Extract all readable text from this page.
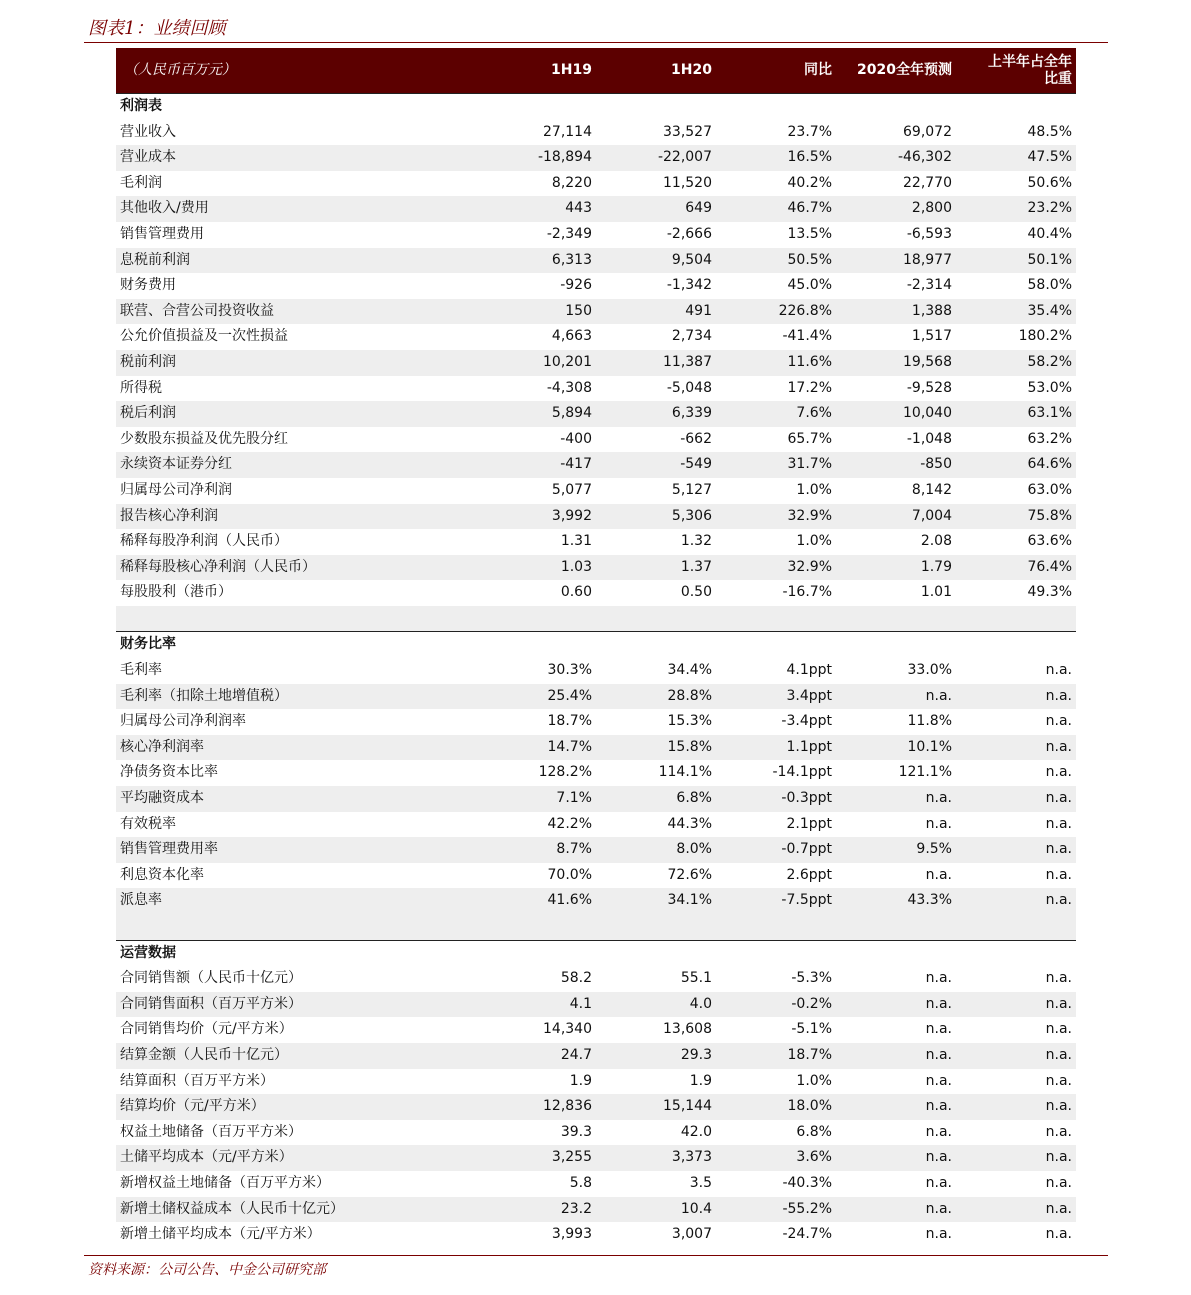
图表1：业绩回顾
（人民币百万元）	1H19	1H20	同比	2020全年预测	上半年占全年
比重
利润表					
营业收入	27,114	33,527	23.7%	69,072	48.5%
营业成本	-18,894	-22,007	16.5%	-46,302	47.5%
毛利润	8,220	11,520	40.2%	22,770	50.6%
其他收入/费用	443	649	46.7%	2,800	23.2%
销售管理费用	-2,349	-2,666	13.5%	-6,593	40.4%
息税前利润	6,313	9,504	50.5%	18,977	50.1%
财务费用	-926	-1,342	45.0%	-2,314	58.0%
联营、合营公司投资收益	150	491	226.8%	1,388	35.4%
公允价值损益及一次性损益	4,663	2,734	-41.4%	1,517	180.2%
税前利润	10,201	11,387	11.6%	19,568	58.2%
所得税	-4,308	-5,048	17.2%	-9,528	53.0%
税后利润	5,894	6,339	7.6%	10,040	63.1%
少数股东损益及优先股分红	-400	-662	65.7%	-1,048	63.2%
永续资本证券分红	-417	-549	31.7%	-850	64.6%
归属母公司净利润	5,077	5,127	1.0%	8,142	63.0%
报告核心净利润	3,992	5,306	32.9%	7,004	75.8%
稀释每股净利润（人民币）	1.31	1.32	1.0%	2.08	63.6%
稀释每股核心净利润（人民币）	1.03	1.37	32.9%	1.79	76.4%
每股股利（港币）	0.60	0.50	-16.7%	1.01	49.3%

财务比率					
毛利率	30.3%	34.4%	4.1ppt	33.0%	n.a.
毛利率（扣除土地增值税）	25.4%	28.8%	3.4ppt	n.a.	n.a.
归属母公司净利润率	18.7%	15.3%	-3.4ppt	11.8%	n.a.
核心净利润率	14.7%	15.8%	1.1ppt	10.1%	n.a.
净债务资本比率	128.2%	114.1%	-14.1ppt	121.1%	n.a.
平均融资成本	7.1%	6.8%	-0.3ppt	n.a.	n.a.
有效税率	42.2%	44.3%	2.1ppt	n.a.	n.a.
销售管理费用率	8.7%	8.0%	-0.7ppt	9.5%	n.a.
利息资本化率	70.0%	72.6%	2.6ppt	n.a.	n.a.
派息率	41.6%	34.1%	-7.5ppt	43.3%	n.a.

运营数据					
合同销售额（人民币十亿元）	58.2	55.1	-5.3%	n.a.	n.a.
合同销售面积（百万平方米）	4.1	4.0	-0.2%	n.a.	n.a.
合同销售均价（元/平方米）	14,340	13,608	-5.1%	n.a.	n.a.
结算金额（人民币十亿元）	24.7	29.3	18.7%	n.a.	n.a.
结算面积（百万平方米）	1.9	1.9	1.0%	n.a.	n.a.
结算均价（元/平方米）	12,836	15,144	18.0%	n.a.	n.a.
权益土地储备（百万平方米）	39.3	42.0	6.8%	n.a.	n.a.
土储平均成本（元/平方米）	3,255	3,373	3.6%	n.a.	n.a.
新增权益土地储备（百万平方米）	5.8	3.5	-40.3%	n.a.	n.a.
新增土储权益成本（人民币十亿元）	23.2	10.4	-55.2%	n.a.	n.a.
新增土储平均成本（元/平方米）	3,993	3,007	-24.7%	n.a.	n.a.
资料来源：公司公告、中金公司研究部
